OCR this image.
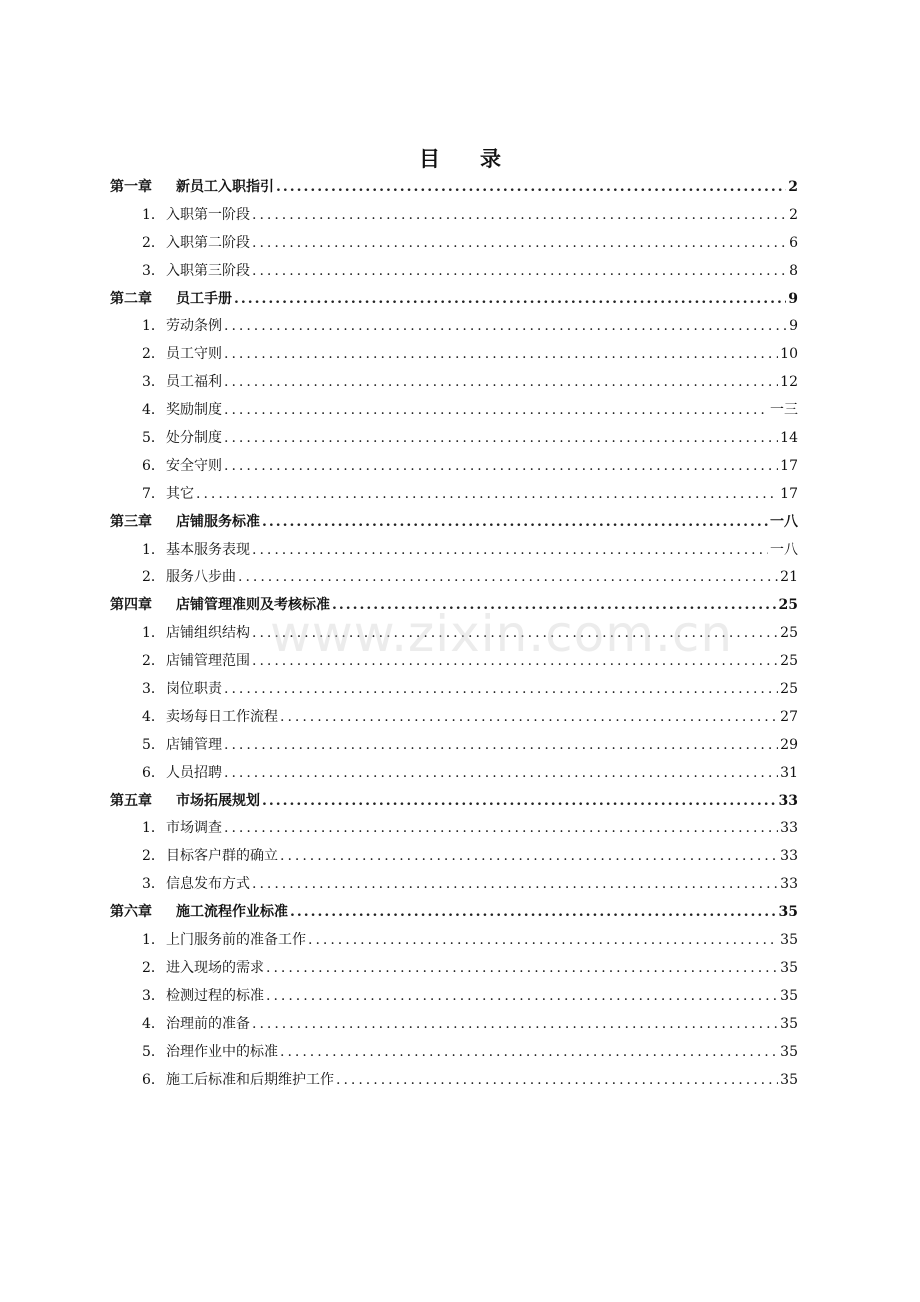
目 录
第一章	新员工入职指引 .....	2
1． 入职第一阶段 .....	2
2． 入职第二阶段 .....	6
3． 入职第三阶段 .....	8
第二章	员工手册 .....	9
1． 劳动条例 .....	9
2． 员工守则 .....	10
3． 员工福利 .....	12
4． 奖励制度 .....	一三
5． 处分制度 .....	14
6． 安全守则 .....	17
7． 其它 .....	17
第三章	店铺服务标准 .....	一八
1． 基本服务表现 .....	一八
2． 服务八步曲 .....	21
第四章	店铺管理准则及考核标准 .....	25
1． 店铺组织结构 .....	25
2． 店铺管理范围 .....	25
3． 岗位职责 .....	25
4． 卖场每日工作流程 .....	27
5． 店铺管理 .....	29
6． 人员招聘 .....	31
第五章	市场拓展规划 .....	33
1． 市场调查 .....	33
2． 目标客户群的确立 .....	33
3． 信息发布方式 .....	33
第六章	施工流程作业标准 .....	35
1． 上门服务前的准备工作 .....	35
2． 进入现场的需求 .....	35
3． 检测过程的标准 .....	35
4． 治理前的准备 .....	35
5． 治理作业中的标准 .....	35
6． 施工后标准和后期维护工作 .....	35
www.zixin.com.cn
